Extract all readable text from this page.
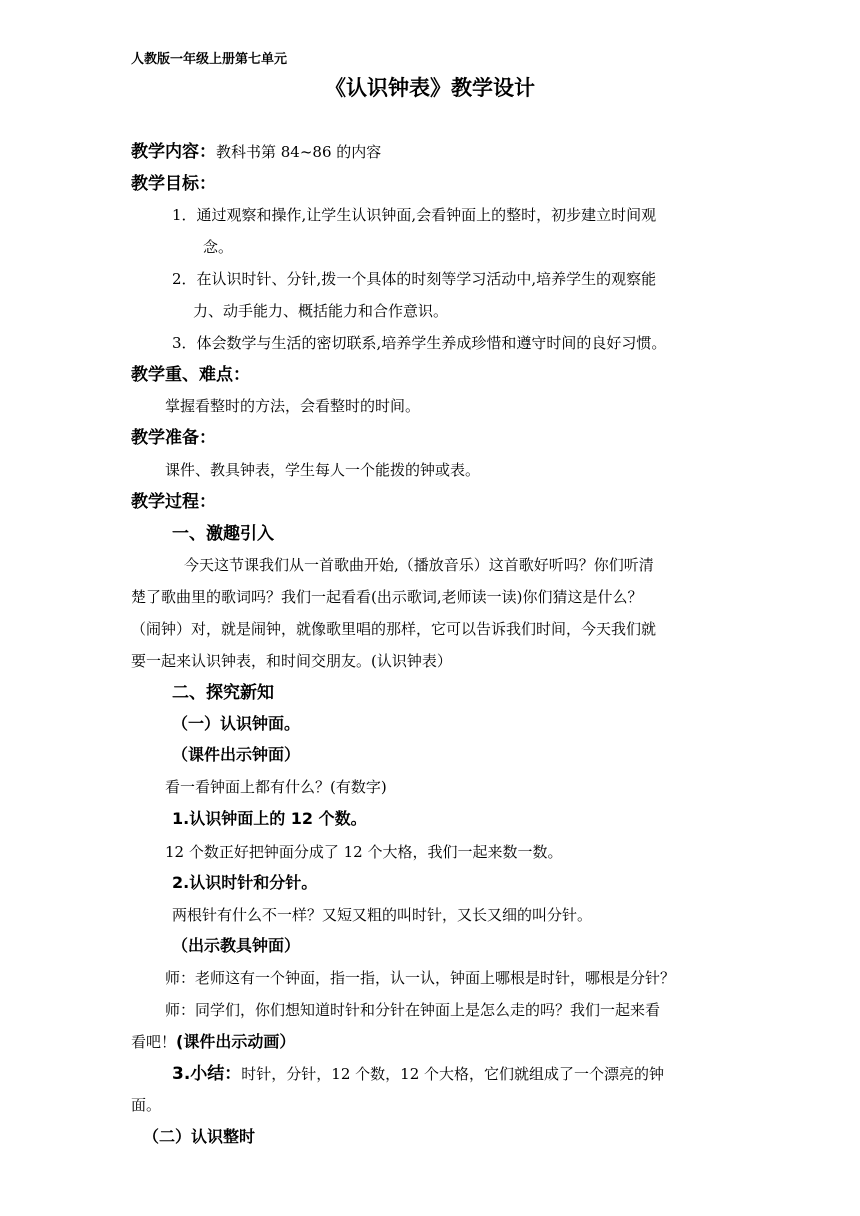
人教版一年级上册第七单元
《认识钟表》教学设计
教学内容：教科书第 84~86 的内容
教学目标：
1．通过观察和操作,让学生认识钟面,会看钟面上的整时，初步建立时间观
念。
2．在认识时针、分针,拨一个具体的时刻等学习活动中,培养学生的观察能
力、动手能力、概括能力和合作意识。
3．体会数学与生活的密切联系,培养学生养成珍惜和遵守时间的良好习惯。
教学重、难点：
掌握看整时的方法，会看整时的时间。
教学准备：
课件、教具钟表，学生每人一个能拨的钟或表。
教学过程：
一、激趣引入
今天这节课我们从一首歌曲开始,（播放音乐）这首歌好听吗？你们听清
楚了歌曲里的歌词吗？我们一起看看(出示歌词,老师读一读)你们猜这是什么？
（闹钟）对，就是闹钟，就像歌里唱的那样，它可以告诉我们时间，今天我们就
要一起来认识钟表，和时间交朋友。(认识钟表）
二、探究新知
（一）认识钟面。
（课件出示钟面）
看一看钟面上都有什么？(有数字)
1.认识钟面上的 12 个数。
12 个数正好把钟面分成了 12 个大格，我们一起来数一数。
2.认识时针和分针。
两根针有什么不一样？又短又粗的叫时针，又长又细的叫分针。
（出示教具钟面）
师：老师这有一个钟面，指一指，认一认，钟面上哪根是时针，哪根是分针？
师：同学们，你们想知道时针和分针在钟面上是怎么走的吗？我们一起来看
看吧！(课件出示动画）
3.小结：时针，分针，12 个数，12 个大格，它们就组成了一个漂亮的钟
面。
（二）认识整时
